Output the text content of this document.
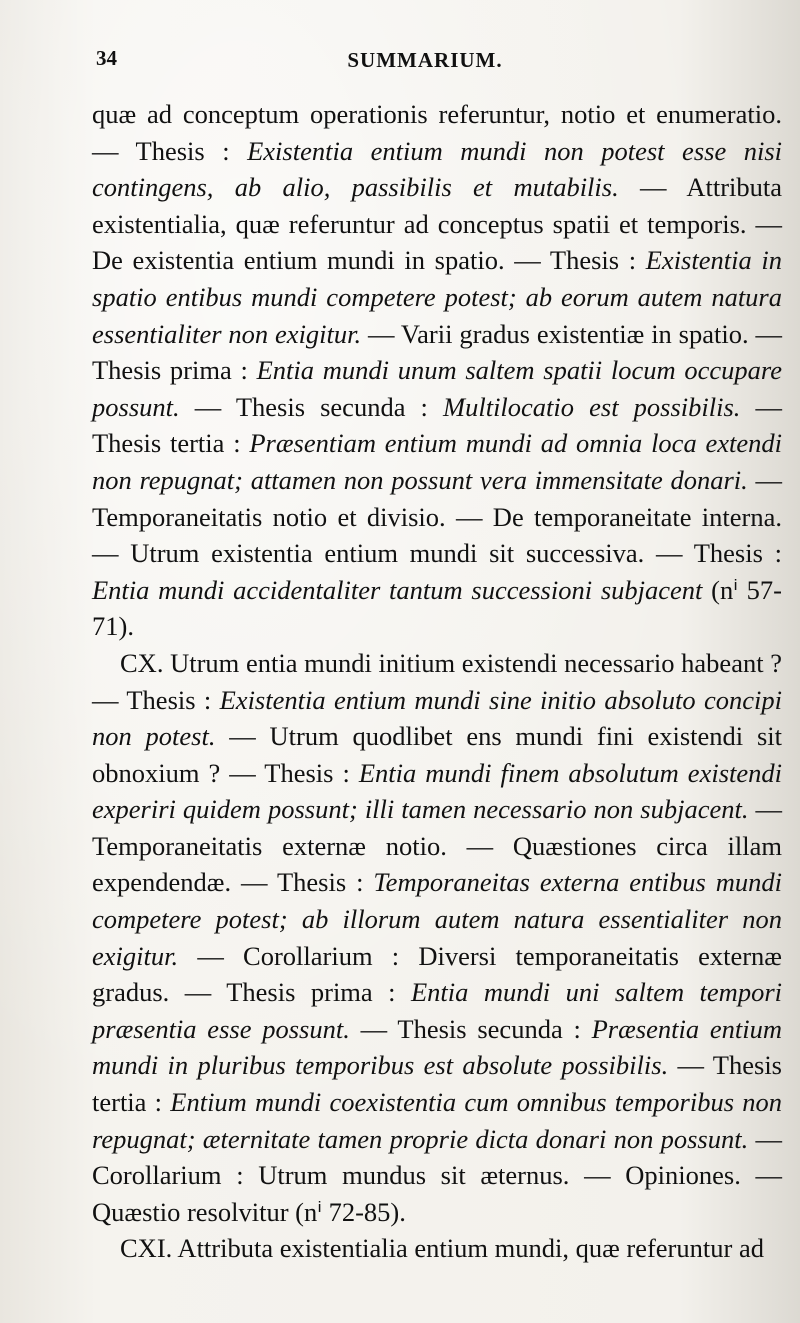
34	SUMMARIUM.

quæ ad conceptum operationis referuntur, notio et enumeratio. — Thesis : Existentia entium mundi non potest esse nisi contingens, ab alio, passibilis et mutabilis. — Attributa existentialia, quæ referuntur ad conceptus spatii et temporis. — De existentia entium mundi in spatio. — Thesis : Existentia in spatio entibus mundi competere potest; ab eorum autem natura essentialiter non exigitur. — Varii gradus existentiæ in spatio. — Thesis prima : Entia mundi unum saltem spatii locum occupare possunt. — Thesis secunda : Multilocatio est possibilis. — Thesis tertia : Præsentiam entium mundi ad omnia loca extendi non repugnat; attamen non possunt vera immensitate donari. — Temporaneitatis notio et divisio. — De temporaneitate interna. — Utrum existentia entium mundi sit successiva. — Thesis : Entia mundi accidentaliter tantum successioni subjacent (nⁱ 57-71).

CX. Utrum entia mundi initium existendi necessario habeant ? — Thesis : Existentia entium mundi sine initio absoluto concipi non potest. — Utrum quodlibet ens mundi fini existendi sit obnoxium ? — Thesis : Entia mundi finem absolutum existendi experiri quidem possunt; illi tamen necessario non subjacent. — Temporaneitatis externæ notio. — Quæstiones circa illam expendendæ. — Thesis : Temporaneitas externa entibus mundi competere potest; ab illorum autem natura essentialiter non exigitur. — Corollarium : Diversi temporaneitatis externæ gradus. — Thesis prima : Entia mundi uni saltem tempori præsentia esse possunt. — Thesis secunda : Præsentia entium mundi in pluribus temporibus est absolute possibilis. — Thesis tertia : Entium mundi coexistentia cum omnibus temporibus non repugnat; æternitate tamen proprie dicta donari non possunt. — Corollarium : Utrum mundus sit æternus. — Opiniones. — Quæstio resolvitur (nⁱ 72-85).

CXI. Attributa existentialia entium mundi, quæ referuntur ad
